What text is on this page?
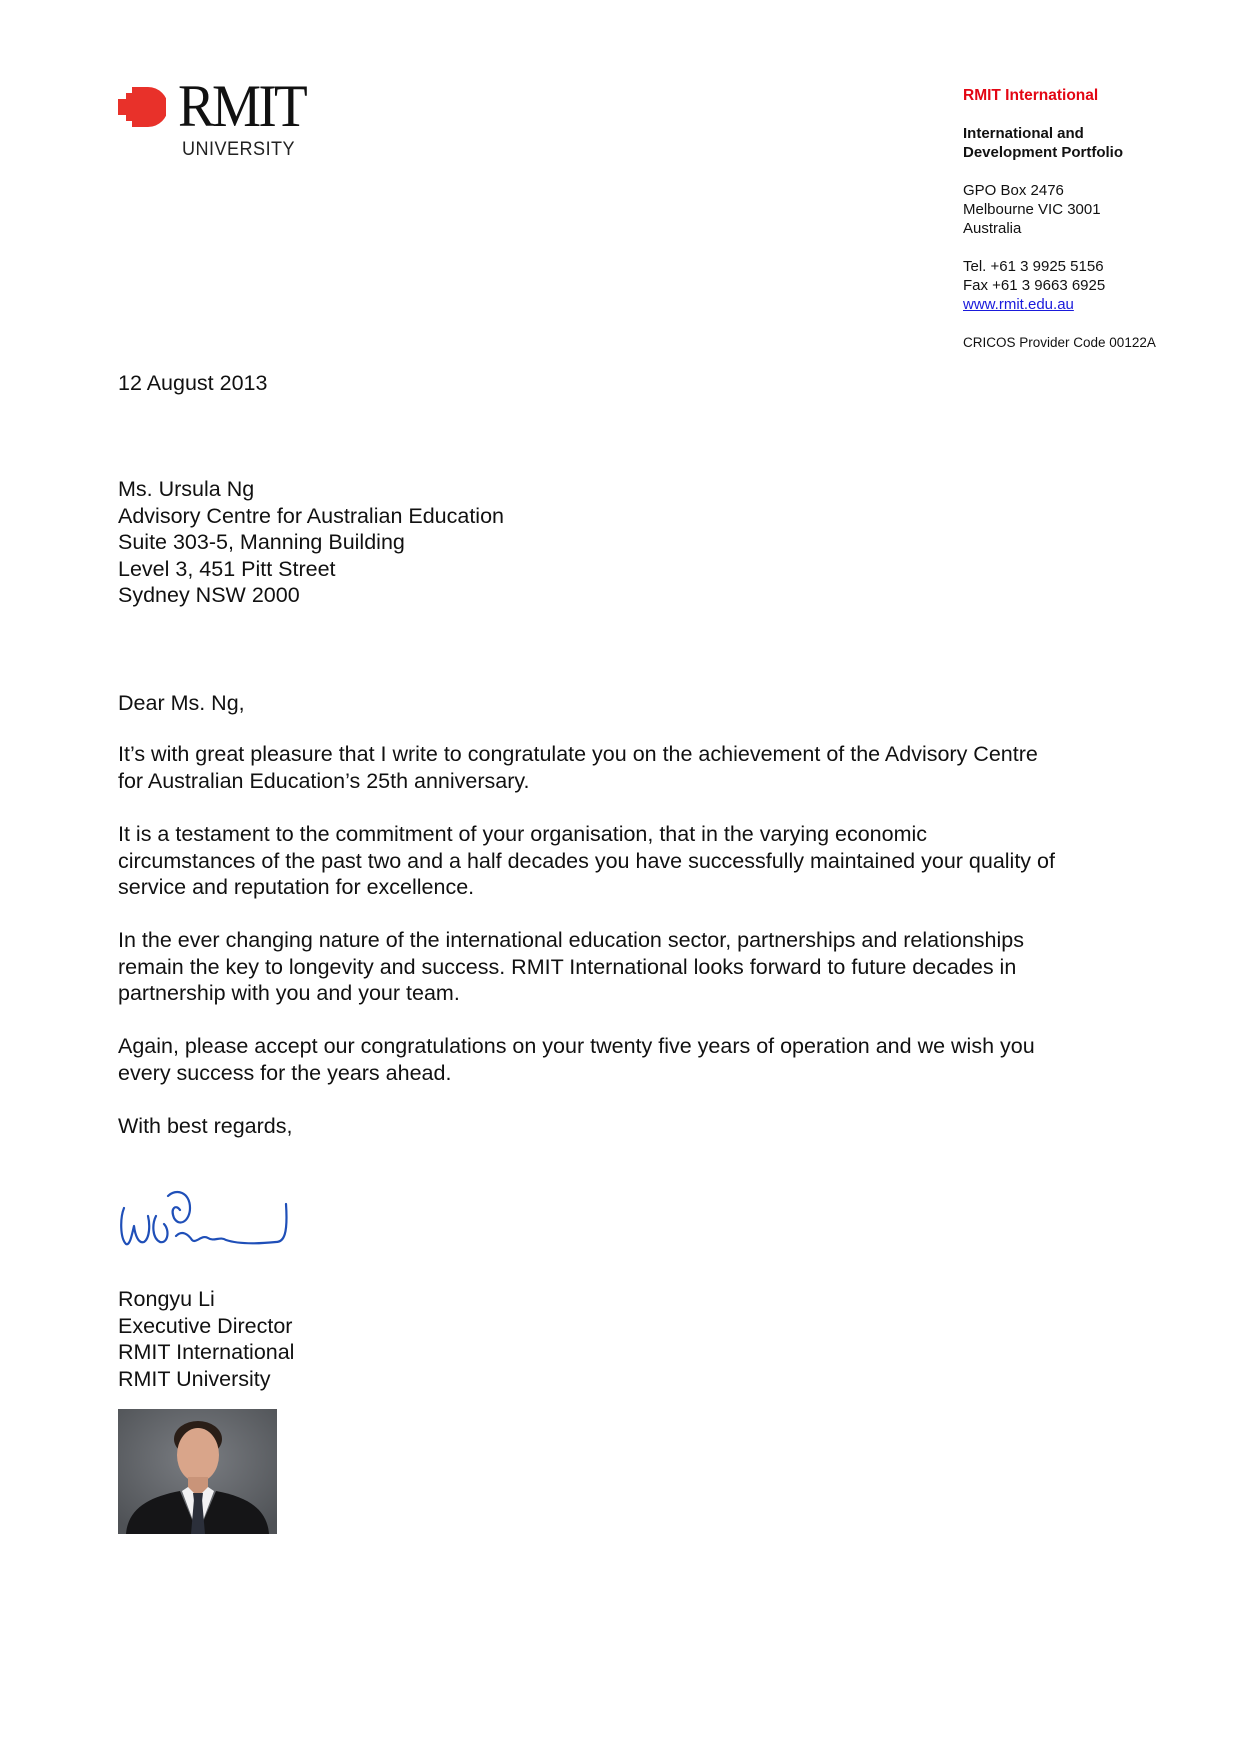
RMIT
UNIVERSITY
RMIT International
International and
Development Portfolio
GPO Box 2476
Melbourne VIC 3001
Australia
Tel. +61 3 9925 5156
Fax +61 3 9663 6925
www.rmit.edu.au
CRICOS Provider Code 00122A
12 August 2013
Ms. Ursula Ng
Advisory Centre for Australian Education
Suite 303-5, Manning Building
Level 3, 451 Pitt Street
Sydney NSW 2000
Dear Ms. Ng,
It’s with great pleasure that I write to congratulate you on the achievement of the Advisory Centre
for Australian Education’s 25th anniversary.
It is a testament to the commitment of your organisation, that in the varying economic
circumstances of the past two and a half decades you have successfully maintained your quality of
service and reputation for excellence.
In the ever changing nature of the international education sector, partnerships and relationships
remain the key to longevity and success. RMIT International looks forward to future decades in
partnership with you and your team.
Again, please accept our congratulations on your twenty five years of operation and we wish you
every success for the years ahead.
With best regards,
Rongyu Li
Executive Director
RMIT International
RMIT University
